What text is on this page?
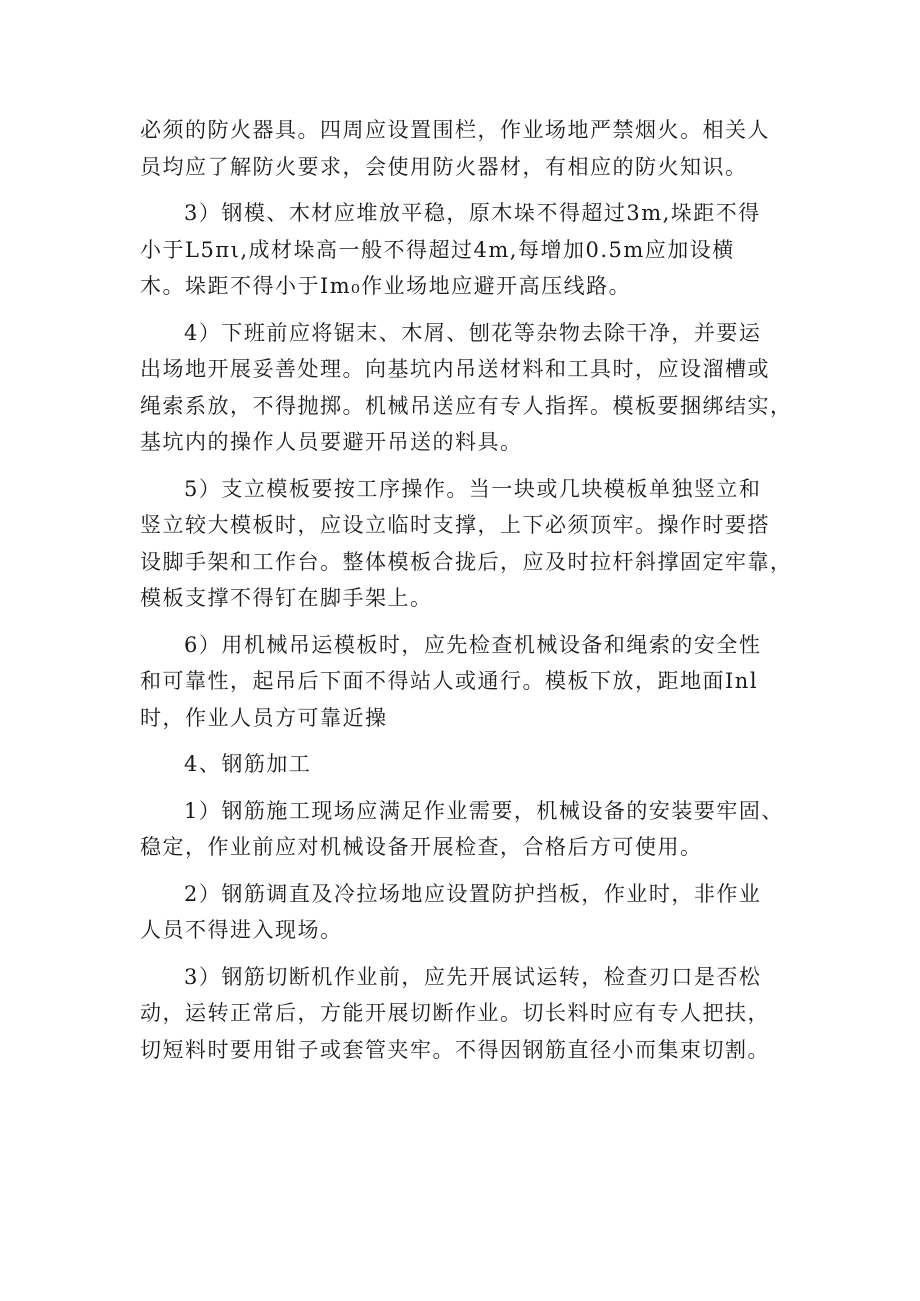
必须的防火器具。四周应设置围栏，作业场地严禁烟火。相关人
员均应了解防火要求，会使用防火器材，有相应的防火知识。

3）钢模、木材应堆放平稳，原木垛不得超过3m,垛距不得
小于L5πι,成材垛高一般不得超过4m,每增加0.5m应加设横
木。垛距不得小于Im₀作业场地应避开高压线路。

4）下班前应将锯末、木屑、刨花等杂物去除干净，并要运
出场地开展妥善处理。向基坑内吊送材料和工具时，应设溜槽或
绳索系放，不得抛掷。机械吊送应有专人指挥。模板要捆绑结实，
基坑内的操作人员要避开吊送的料具。

5）支立模板要按工序操作。当一块或几块模板单独竖立和
竖立较大模板时，应设立临时支撑，上下必须顶牢。操作时要搭
设脚手架和工作台。整体模板合拢后，应及时拉杆斜撑固定牢靠，
模板支撑不得钉在脚手架上。

6）用机械吊运模板时，应先检查机械设备和绳索的安全性
和可靠性，起吊后下面不得站人或通行。模板下放，距地面Inl
时，作业人员方可靠近操

4、钢筋加工

1）钢筋施工现场应满足作业需要，机械设备的安装要牢固、
稳定，作业前应对机械设备开展检查，合格后方可使用。

2）钢筋调直及冷拉场地应设置防护挡板，作业时，非作业
人员不得进入现场。

3）钢筋切断机作业前，应先开展试运转，检查刃口是否松
动，运转正常后，方能开展切断作业。切长料时应有专人把扶，
切短料时要用钳子或套管夹牢。不得因钢筋直径小而集束切割。
